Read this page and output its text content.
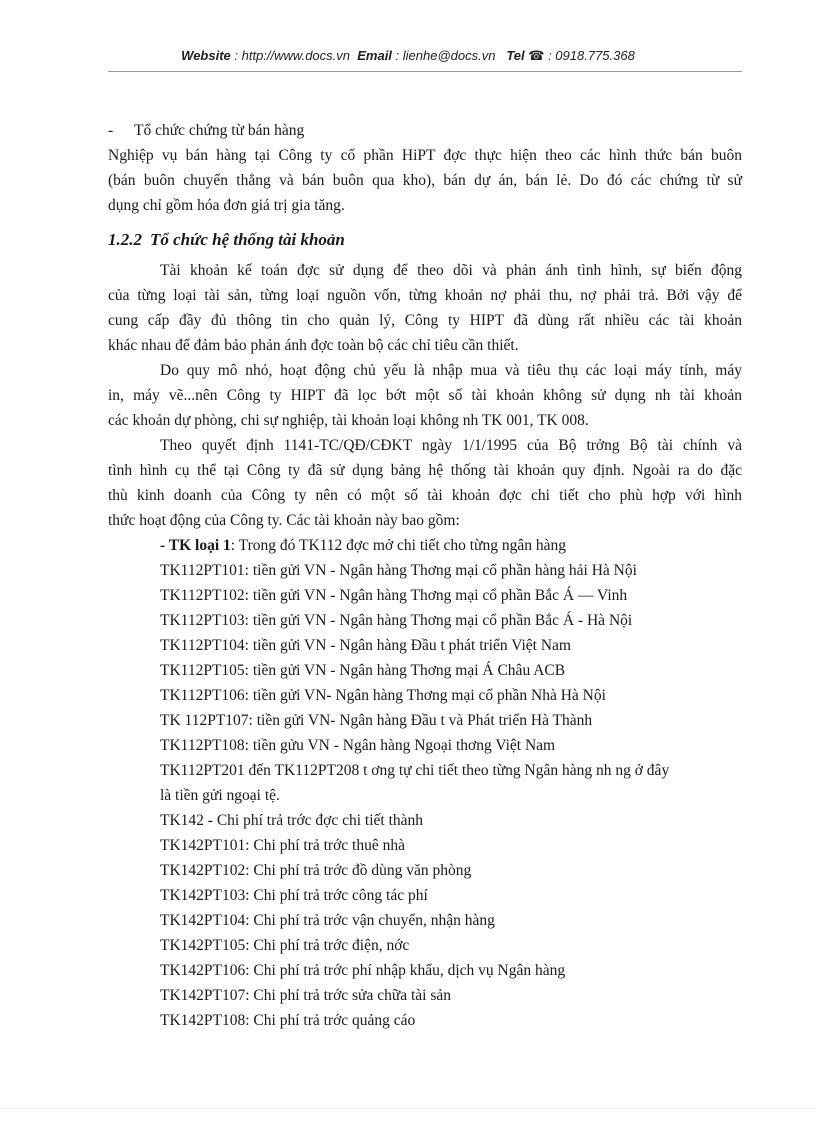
Website : http://www.docs.vn Email : lienhe@docs.vn Tel ☎ : 0918.775.368
- Tổ chức chứng từ bán hàng
Nghiệp vụ bán hàng tại Công ty cổ phần HiPT đợc thực hiện theo các hình thức bán buôn
(bán buôn chuyển thẳng và bán buôn qua kho), bán dự án, bán lẻ. Do đó các chứng từ sử
dụng chỉ gồm hóa đơn giá trị gia tăng.
1.2.2 Tổ chức hệ thống tài khoản
Tài khoản kế toán đợc sử dụng để theo dõi và phản ánh tình hình, sự biến động
của từng loại tài sản, từng loại nguồn vốn, từng khoản nợ phải thu, nợ phải trả. Bởi vậy để
cung cấp đầy đủ thông tin cho quản lý, Công ty HIPT đã dùng rất nhiều các tài khoản
khác nhau để đảm bảo phản ánh đợc toàn bộ các chỉ tiêu cần thiết.
Do quy mô nhỏ, hoạt động chủ yếu là nhập mua và tiêu thụ các loại máy tính, máy
in, máy vẽ...nên Công ty HIPT đã lọc bớt một số tài khoản không sử dụng nh tài khoản
các khoản dự phòng, chi sự nghiệp, tài khoản loại không nh TK 001, TK 008.
Theo quyết định 1141-TC/QĐ/CĐKT ngày 1/1/1995 của Bộ trởng Bộ tài chính và
tình hình cụ thể tại Công ty đã sử dụng bảng hệ thống tài khoản quy định. Ngoài ra do đặc
thù kinh doanh của Công ty nên có một số tài khoản đợc chi tiết cho phù hợp với hình
thức hoạt động của Công ty. Các tài khoản này bao gồm:
- TK loại 1: Trong đó TK112 đợc mở chi tiết cho từng ngân hàng
TK112PT101: tiền gửi VN - Ngân hàng Thơng mại cổ phần hàng hải Hà Nội
TK112PT102: tiền gửi VN - Ngân hàng Thơng mại cổ phần Bắc Á — Vinh
TK112PT103: tiền gửi VN - Ngân hàng Thơng mại cổ phần Bắc Á - Hà Nội
TK112PT104: tiền gửi VN - Ngân hàng Đầu t phát triển Việt Nam
TK112PT105: tiền gửi VN - Ngân hàng Thơng mại Á Châu ACB
TK112PT106: tiền gửi VN- Ngân hàng Thơng mại cổ phần Nhà Hà Nội
TK 112PT107: tiền gửi VN- Ngân hàng Đầu t và Phát triển Hà Thành
TK112PT108: tiền gửu VN - Ngân hàng Ngoại thơng Việt Nam
TK112PT201 đến TK112PT208 t ơng tự chi tiết theo từng Ngân hàng nh ng ở đây
là tiền gửi ngoại tệ.
TK142 - Chi phí trả trớc đợc chi tiết thành
TK142PT101: Chi phí trả trớc thuê nhà
TK142PT102: Chi phí trả trớc đồ dùng văn phòng
TK142PT103: Chi phí trả trớc công tác phí
TK142PT104: Chi phí trả trớc vận chuyển, nhận hàng
TK142PT105: Chi phí trả trớc điện, nớc
TK142PT106: Chi phí trả trớc phí nhập khẩu, dịch vụ Ngân hàng
TK142PT107: Chi phí trả trớc sửa chữa tài sản
TK142PT108: Chi phí trả trớc quảng cáo
